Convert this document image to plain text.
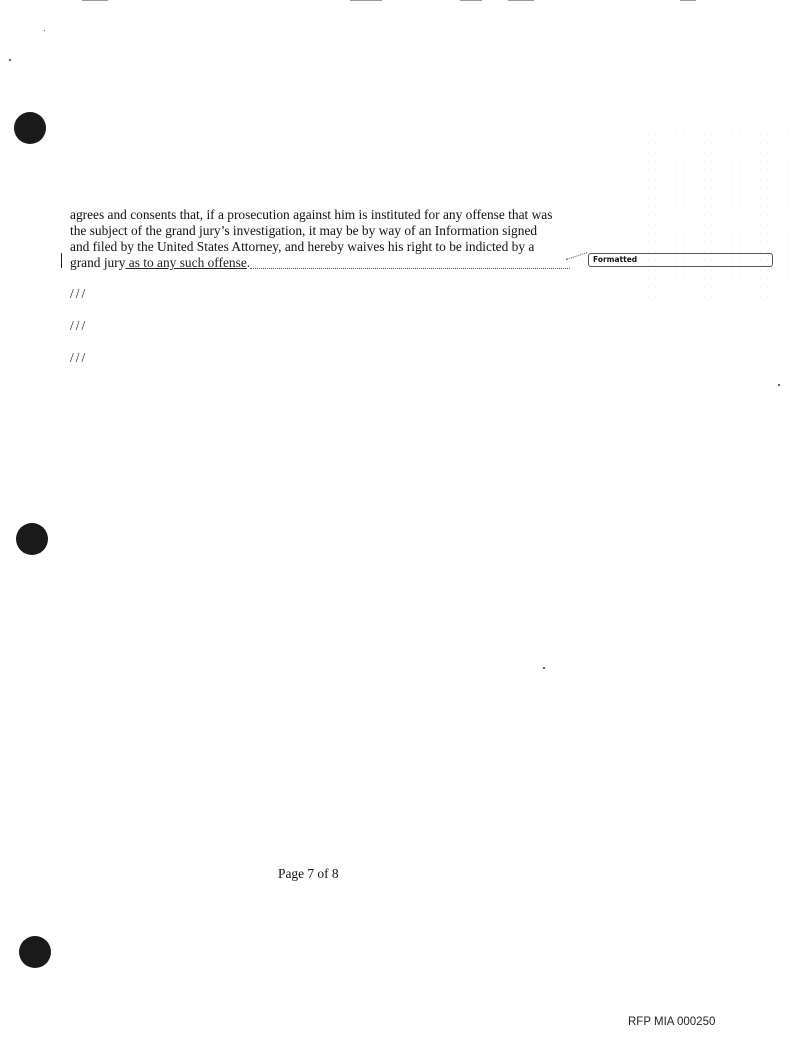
agrees and consents that, if a prosecution against him is instituted for any offense that was

the subject of the grand jury’s investigation, it may be by way of an Information signed

and filed by the United States Attorney, and hereby waives his right to be indicted by a

grand jury as to any such offense.	Formatted
///
///
///
Page 7 of 8
RFP MIA 000250
